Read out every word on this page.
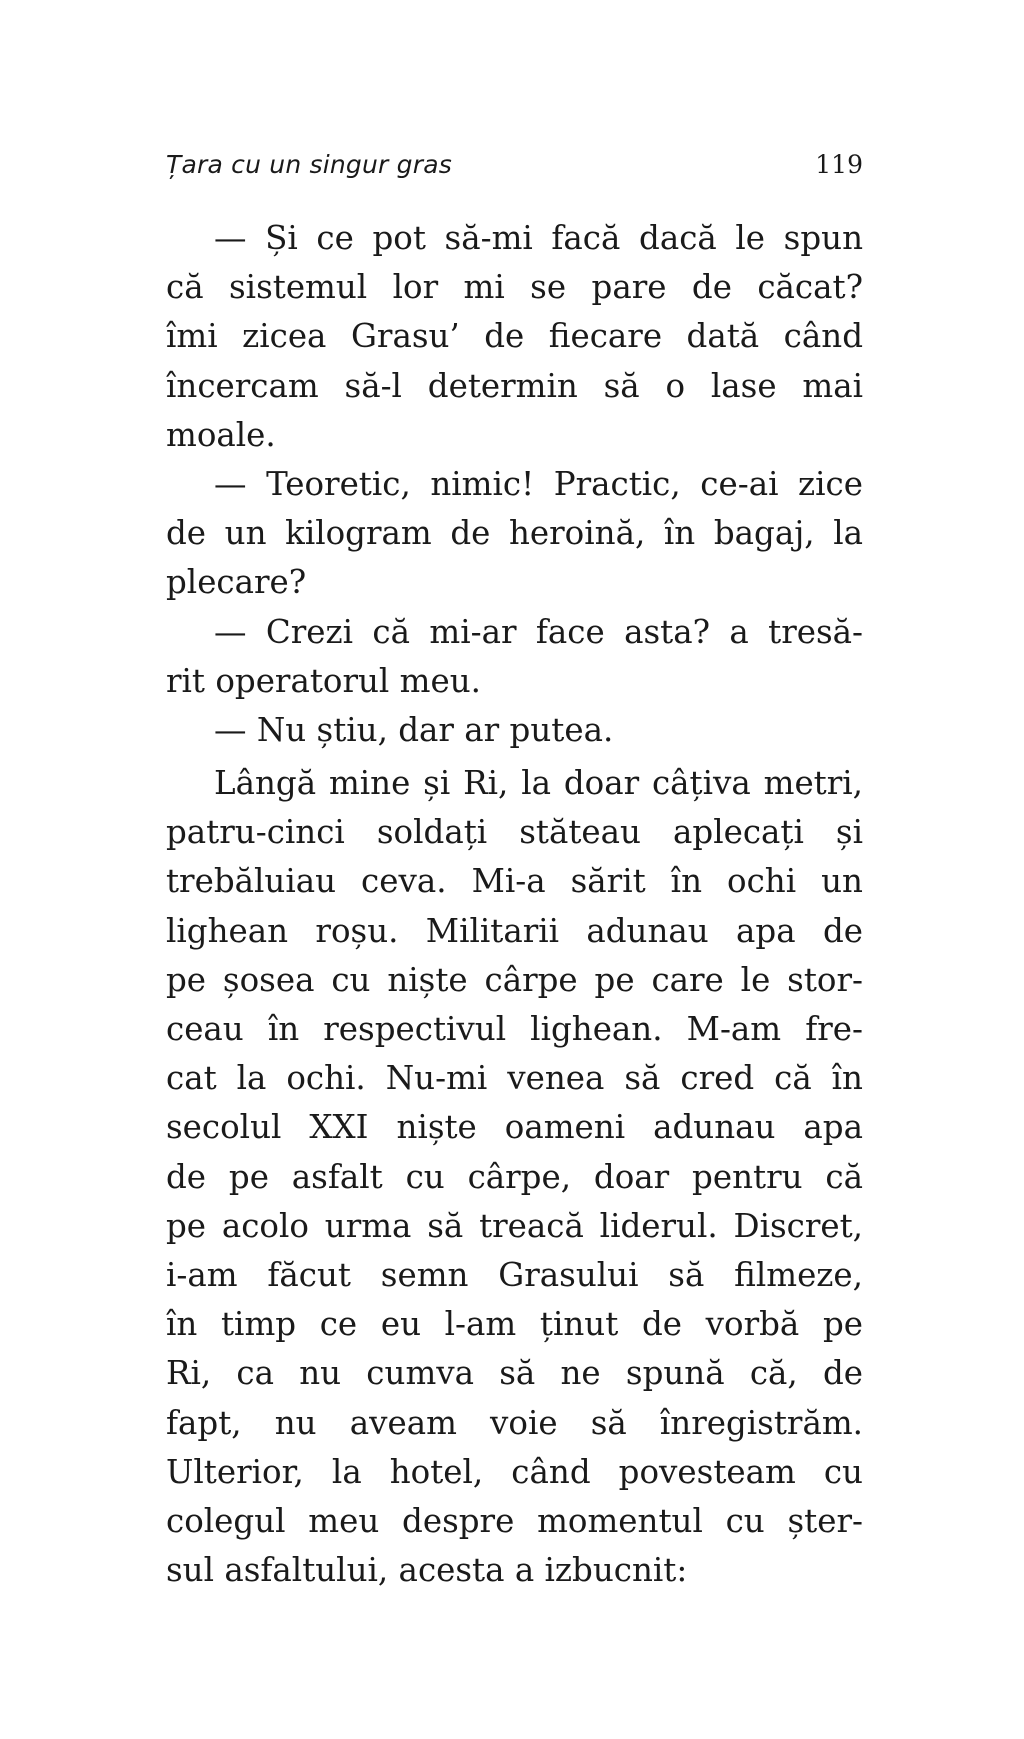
Țara cu un singur gras	119
— Și ce pot să-mi facă dacă le spun
că sistemul lor mi se pare de căcat?
îmi zicea Grasu’ de fiecare dată când
încercam să-l determin să o lase mai
moale.
— Teoretic, nimic! Practic, ce-ai zice
de un kilogram de heroină, în bagaj, la
plecare?
— Crezi că mi-ar face asta? a tresă-
rit operatorul meu.
— Nu știu, dar ar putea.
Lângă mine și Ri, la doar câțiva metri,
patru-cinci soldați stăteau aplecați și
trebăluiau ceva. Mi-a sărit în ochi un
lighean roșu. Militarii adunau apa de
pe șosea cu niște cârpe pe care le stor-
ceau în respectivul lighean. M-am fre-
cat la ochi. Nu-mi venea să cred că în
secolul XXI niște oameni adunau apa
de pe asfalt cu cârpe, doar pentru că
pe acolo urma să treacă liderul. Discret,
i-am făcut semn Grasului să filmeze,
în timp ce eu l-am ținut de vorbă pe
Ri, ca nu cumva să ne spună că, de
fapt, nu aveam voie să înregistrăm.
Ulterior, la hotel, când povesteam cu
colegul meu despre momentul cu șter-
sul asfaltului, acesta a izbucnit:
